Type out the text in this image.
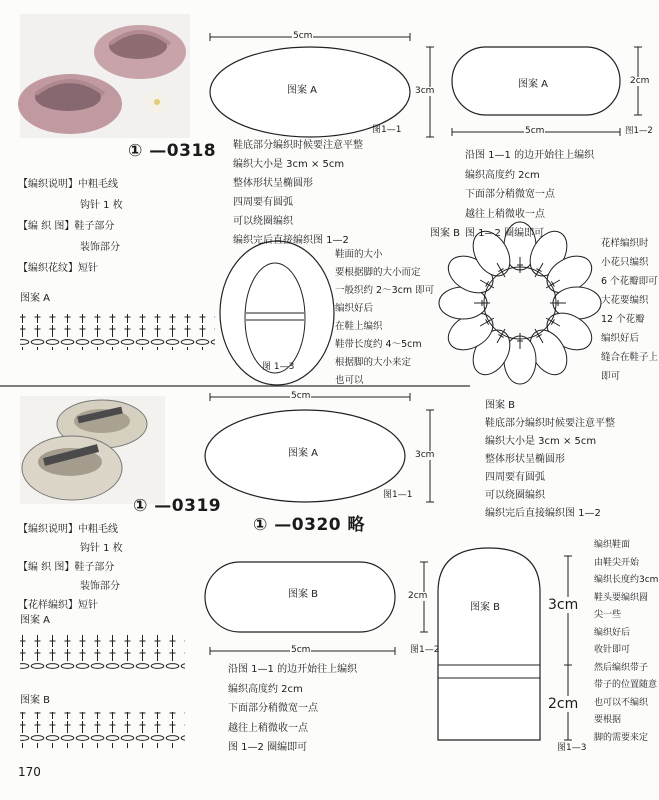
① —0318
5cm
图案 A	3cm
图1—1
图案 A	2cm
5cm	图1—2
鞋底部分编织时候要注意平整
编织大小是 3cm × 5cm
整体形状呈椭圆形
四周要有圆弧
可以绕圈编织
编织完后直接编织图 1—2
沿图 1—1 的边开始往上编织
编织高度约 2cm
下面部分稍微宽一点
越往上稍微收一点
图 1—2 圈编即可
【编织说明】中粗毛线
钩针 1 枚
【编 织 图】鞋子部分
装饰部分
【编织花纹】短针
图案 A
图案 B
花样编织时
小花只编织
6 个花瓣即可
大花要编织
12 个花瓣
编织好后
缝合在鞋子上
即可
鞋面的大小
要根据脚的大小而定
一般织约 2～3cm 即可
编织好后
在鞋上编织
鞋带长度约 4～5cm
根据脚的大小来定
也可以
图 1—3
5cm
图案 A	3cm
图1—1
① —0319
① —0320 略
图案 B
鞋底部分编织时候要注意平整
编织大小是 3cm × 5cm
整体形状呈椭圆形
四周要有圆弧
可以绕圈编织
编织完后直接编织图 1—2
【编织说明】中粗毛线
钩针 1 枚
【编 织 图】鞋子部分
装饰部分
【花样编织】短针
图案 A
图案 B
图案 B	2cm
5cm	图1—2
沿图 1—1 的边开始往上编织
编织高度约 2cm
下面部分稍微宽一点
越往上稍微收一点
图 1—2 圈编即可
图案 B	3cm
2cm
图1—3
编织鞋面
由鞋尖开始
编织长度约3cm
鞋头要编织圆
尖一些
编织好后
收针即可
然后编织带子
带子的位置随意
也可以不编织
要根据
脚的需要来定
170
